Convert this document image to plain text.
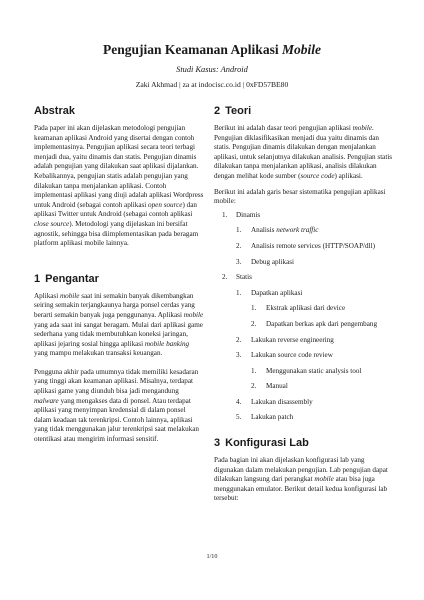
Pengujian Keamanan Aplikasi Mobile
Studi Kasus: Android
Zaki Akhmad | za at indocisc.co.id | 0xFD57BE80
Abstrak

Pada paper ini akan dijelaskan metodologi pengujian keamanan aplikasi Android yang disertai dengan contoh implementasinya. Pengujian aplikasi secara teori terbagi menjadi dua, yaitu dinamis dan statis. Pengujian dinamis adalah pengujian yang dilakukan saat aplikasi dijalankan. Kebalikannya, pengujian statis adalah pengujian yang dilakukan tanpa menjalankan aplikasi. Contoh implementasi aplikasi yang diuji adalah aplikasi Wordpress untuk Android (sebagai contoh aplikasi open source) dan aplikasi Twitter untuk Android (sebagai contoh aplikasi close source). Metodologi yang dijelaskan ini bersifat agnostik, sehingga bisa diimplementasikan pada beragam platform aplikasi mobile lainnya.

1 Pengantar

Aplikasi mobile saat ini semakin banyak dikembangkan seiring semakin terjangkaunya harga ponsel cerdas yang berarti semakin banyak juga penggunanya. Aplikasi mobile yang ada saat ini sangat beragam. Mulai dari aplikasi game sederhana yang tidak membutuhkan koneksi jaringan, aplikasi jejaring sosial hingga aplikasi mobile banking yang mampu melakukan transaksi keuangan.

Pengguna akhir pada umumnya tidak memiliki kesadaran yang tinggi akan keamanan aplikasi. Misalnya, terdapat aplikasi game yang diunduh bisa jadi mengandung malware yang mengakses data di ponsel. Atau terdapat aplikasi yang menyimpan kredensial di dalam ponsel dalam keadaan tak terenkripsi. Contoh lainnya, aplikasi yang tidak menggunakan jalur terenkripsi saat melakukan otentikasi atau mengirim informasi sensitif.

2 Teori

Berikut ini adalah dasar teori pengujian aplikasi mobile. Pengujian diklasifikasikan menjadi dua yaitu dinamis dan statis. Pengujian dinamis dilakukan dengan menjalankan aplikasi, untuk selanjutnya dilakukan analisis. Pengujian statis dilakukan tanpa menjalankan aplikasi, analisis dilakukan dengan melihat kode sumber (source code) aplikasi.

Berikut ini adalah garis besar sistematika pengujian aplikasi mobile:

1. Dinamis
1. Analisis network traffic
2. Analisis remote services (HTTP/SOAP/dll)
3. Debug aplikasi
2. Statis
1. Dapatkan aplikasi
1. Ekstrak aplikasi dari device
2. Dapatkan berkas apk dari pengembang
2. Lakukan reverse engineering
3. Lakukan source code review
1. Menggunakan static analysis tool
2. Manual
4. Lakukan disassembly
5. Lakukan patch
3 Konfigurasi Lab

Pada bagian ini akan dijelaskan konfigurasi lab yang digunakan dalam melakukan pengujian. Lab pengujian dapat dilakukan langsung dari perangkat mobile atau bisa juga menggunakan emulator. Berikut detail kedua konfigurasi lab tersebut:

1/10
